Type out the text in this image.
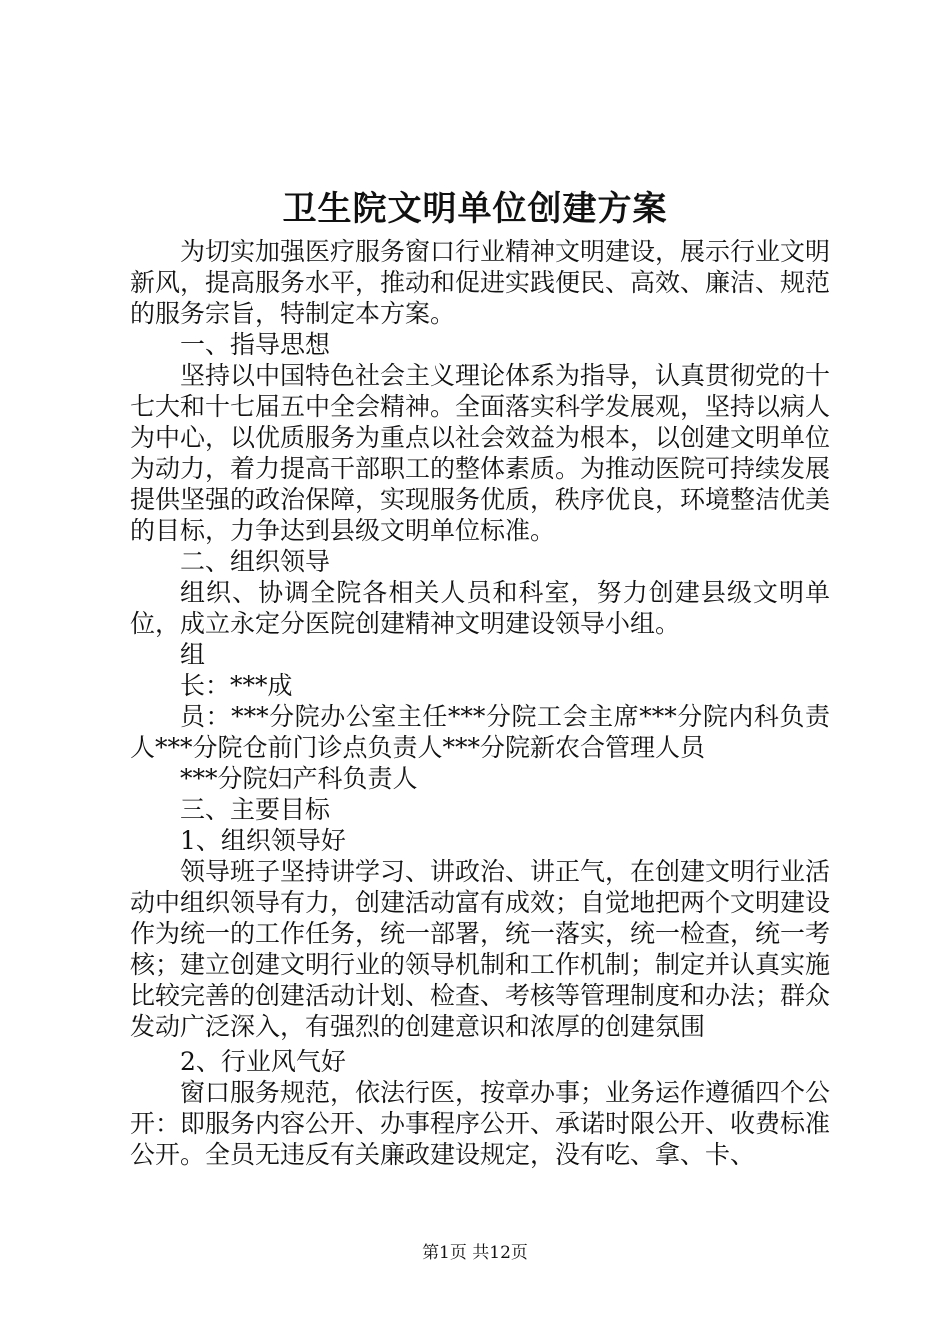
卫生院文明单位创建方案

为切实加强医疗服务窗口行业精神文明建设，展示行业文明新风，提高服务水平，推动和促进实践便民、高效、廉洁、规范的服务宗旨，特制定本方案。

一、指导思想

坚持以中国特色社会主义理论体系为指导，认真贯彻党的十七大和十七届五中全会精神。全面落实科学发展观，坚持以病人为中心，以优质服务为重点以社会效益为根本，以创建文明单位为动力，着力提高干部职工的整体素质。为推动医院可持续发展提供坚强的政治保障，实现服务优质，秩序优良，环境整洁优美的目标，力争达到县级文明单位标准。

二、组织领导

组织、协调全院各相关人员和科室，努力创建县级文明单位，成立永定分医院创建精神文明建设领导小组。

组

长：***成

员：***分院办公室主任***分院工会主席***分院内科负责人***分院仓前门诊点负责人***分院新农合管理人员

***分院妇产科负责人

三、主要目标

1、组织领导好

领导班子坚持讲学习、讲政治、讲正气，在创建文明行业活动中组织领导有力，创建活动富有成效；自觉地把两个文明建设作为统一的工作任务，统一部署，统一落实，统一检查，统一考核；建立创建文明行业的领导机制和工作机制；制定并认真实施比较完善的创建活动计划、检查、考核等管理制度和办法；群众发动广泛深入，有强烈的创建意识和浓厚的创建氛围

2、行业风气好

窗口服务规范，依法行医，按章办事；业务运作遵循四个公开：即服务内容公开、办事程序公开、承诺时限公开、收费标准公开。全员无违反有关廉政建设规定，没有吃、拿、卡、

第1页 共12页
